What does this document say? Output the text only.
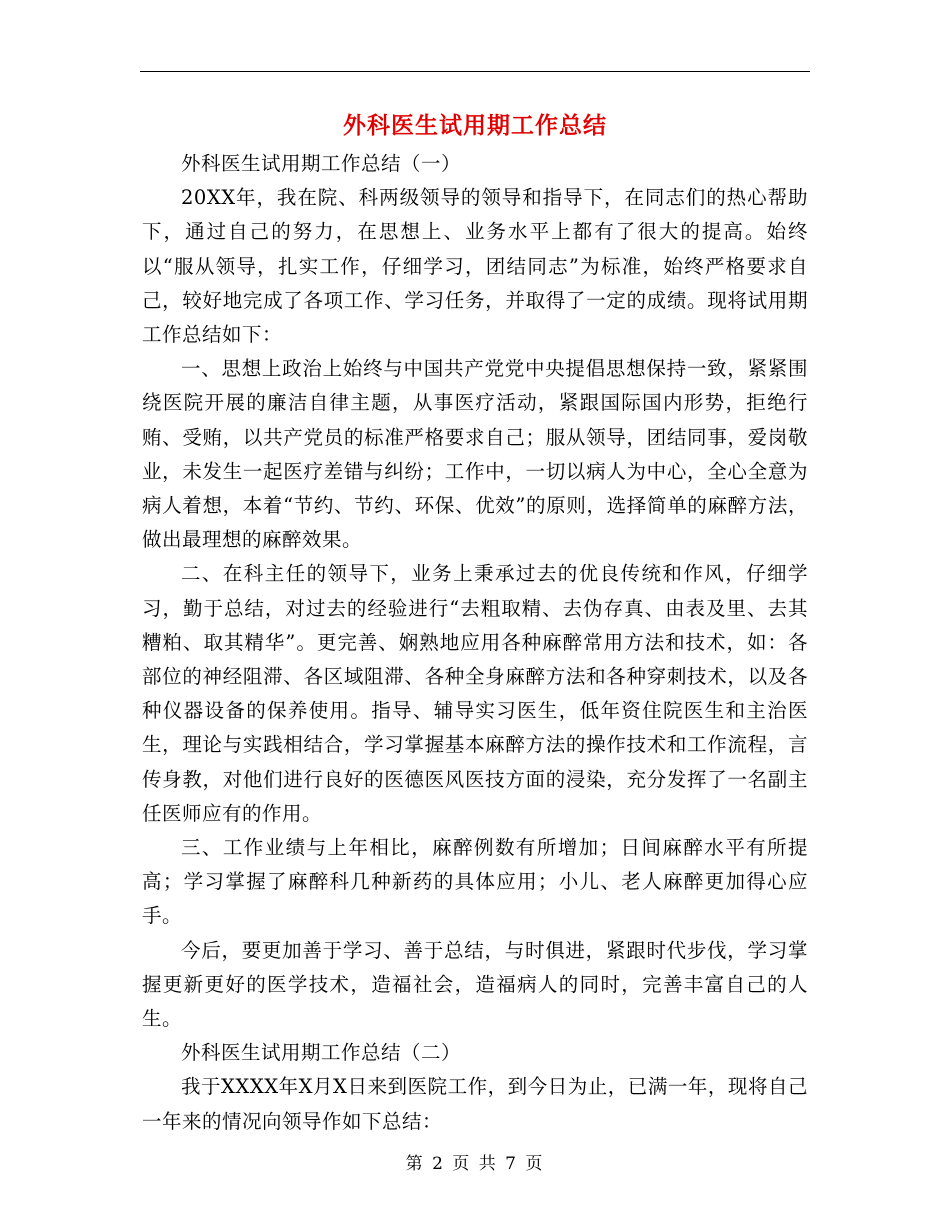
外科医生试用期工作总结

外科医生试用期工作总结（一）

20XX年，我在院、科两级领导的领导和指导下，在同志们的热心帮助下，通过自己的努力，在思想上、业务水平上都有了很大的提高。始终以“服从领导，扎实工作，仔细学习，团结同志”为标准，始终严格要求自己，较好地完成了各项工作、学习任务，并取得了一定的成绩。现将试用期工作总结如下：

一、思想上政治上始终与中国共产党党中央提倡思想保持一致，紧紧围绕医院开展的廉洁自律主题，从事医疗活动，紧跟国际国内形势，拒绝行贿、受贿，以共产党员的标准严格要求自己；服从领导，团结同事，爱岗敬业，未发生一起医疗差错与纠纷；工作中，一切以病人为中心，全心全意为病人着想，本着“节约、节约、环保、优效”的原则，选择简单的麻醉方法，做出最理想的麻醉效果。

二、在科主任的领导下，业务上秉承过去的优良传统和作风，仔细学习，勤于总结，对过去的经验进行“去粗取精、去伪存真、由表及里、去其糟粕、取其精华”。更完善、娴熟地应用各种麻醉常用方法和技术，如：各部位的神经阻滞、各区域阻滞、各种全身麻醉方法和各种穿刺技术，以及各种仪器设备的保养使用。指导、辅导实习医生，低年资住院医生和主治医生，理论与实践相结合，学习掌握基本麻醉方法的操作技术和工作流程，言传身教，对他们进行良好的医德医风医技方面的浸染，充分发挥了一名副主任医师应有的作用。

三、工作业绩与上年相比，麻醉例数有所增加；日间麻醉水平有所提高；学习掌握了麻醉科几种新药的具体应用；小儿、老人麻醉更加得心应手。

今后，要更加善于学习、善于总结，与时俱进，紧跟时代步伐，学习掌握更新更好的医学技术，造福社会，造福病人的同时，完善丰富自己的人生。

外科医生试用期工作总结（二）

我于XXXX年X月X日来到医院工作，到今日为止，已满一年，现将自己一年来的情况向领导作如下总结：

第 2 页 共 7 页
